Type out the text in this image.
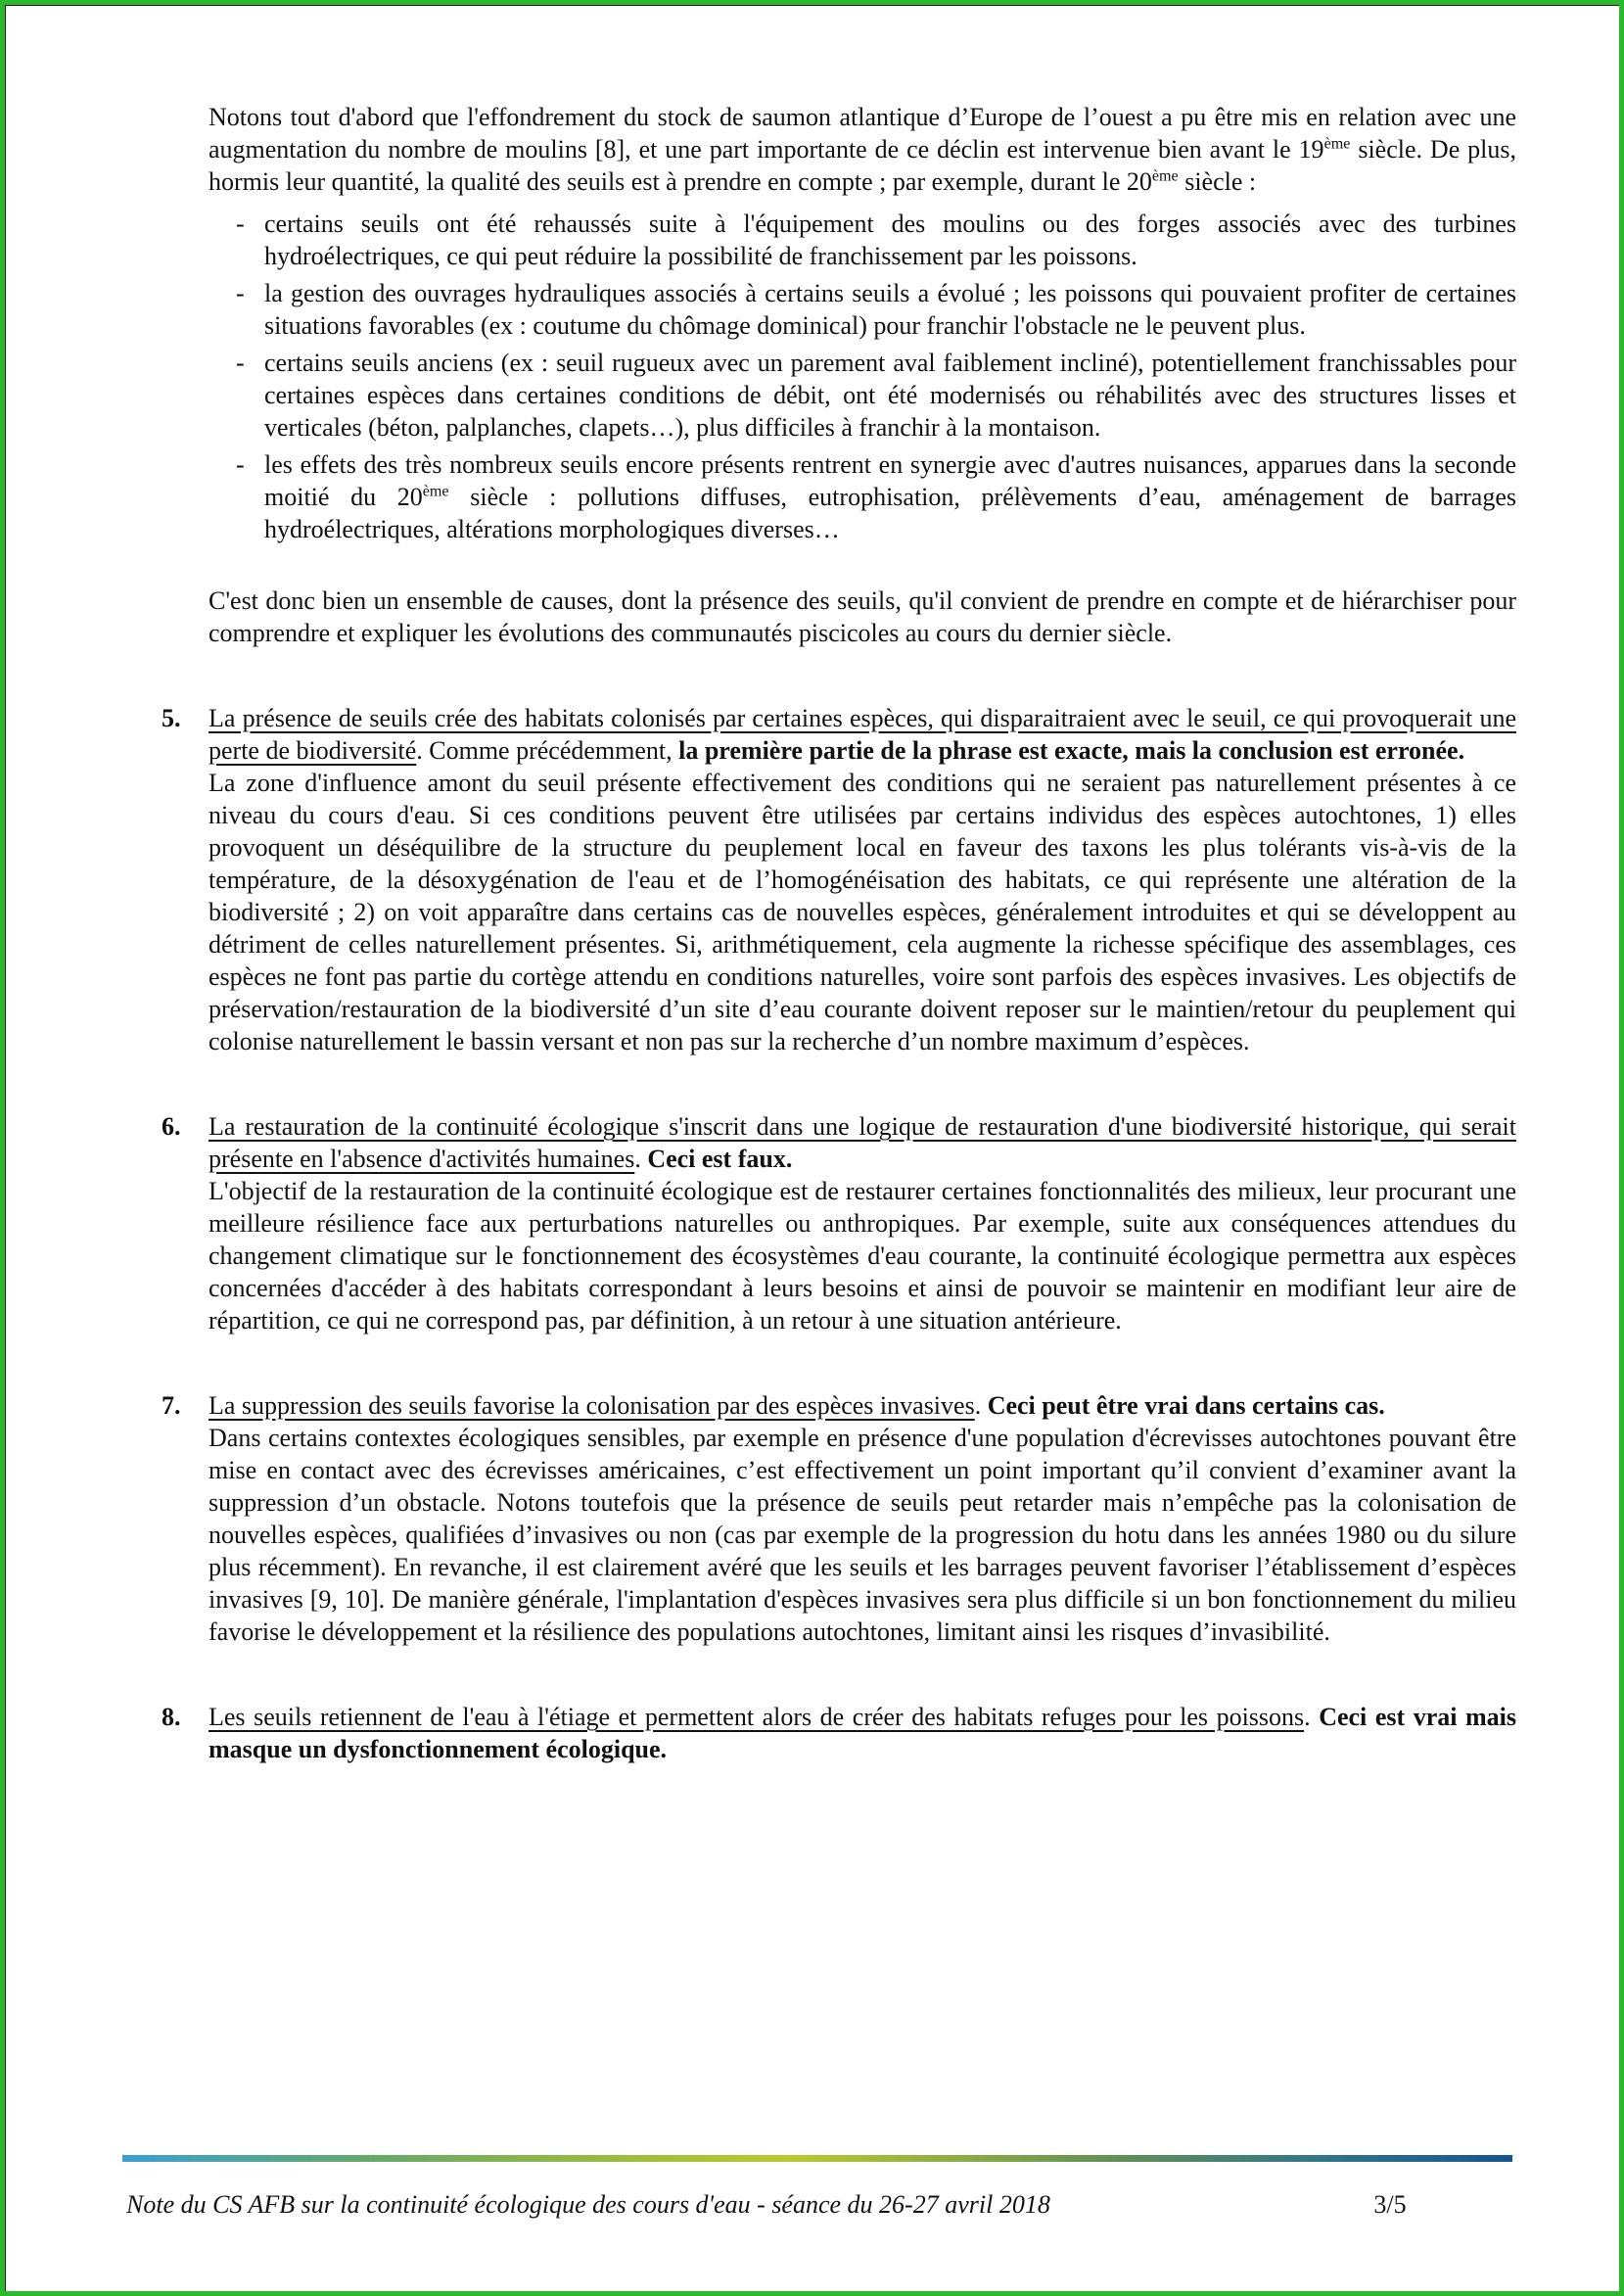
Notons tout d'abord que l'effondrement du stock de saumon atlantique d’Europe de l’ouest a pu être mis en relation avec une augmentation du nombre de moulins [8], et une part importante de ce déclin est intervenue bien avant le 19ème siècle. De plus, hormis leur quantité, la qualité des seuils est à prendre en compte ; par exemple, durant le 20ème siècle :

- certains seuils ont été rehaussés suite à l'équipement des moulins ou des forges associés avec des turbines hydroélectriques, ce qui peut réduire la possibilité de franchissement par les poissons.
- la gestion des ouvrages hydrauliques associés à certains seuils a évolué ; les poissons qui pouvaient profiter de certaines situations favorables (ex : coutume du chômage dominical) pour franchir l'obstacle ne le peuvent plus.
- certains seuils anciens (ex : seuil rugueux avec un parement aval faiblement incliné), potentiellement franchissables pour certaines espèces dans certaines conditions de débit, ont été modernisés ou réhabilités avec des structures lisses et verticales (béton, palplanches, clapets…), plus difficiles à franchir à la montaison.
- les effets des très nombreux seuils encore présents rentrent en synergie avec d'autres nuisances, apparues dans la seconde moitié du 20ème siècle : pollutions diffuses, eutrophisation, prélèvements d’eau, aménagement de barrages hydroélectriques, altérations morphologiques diverses…

C'est donc bien un ensemble de causes, dont la présence des seuils, qu'il convient de prendre en compte et de hiérarchiser pour comprendre et expliquer les évolutions des communautés piscicoles au cours du dernier siècle.

5. La présence de seuils crée des habitats colonisés par certaines espèces, qui disparaitraient avec le seuil, ce qui provoquerait une perte de biodiversité. Comme précédemment, la première partie de la phrase est exacte, mais la conclusion est erronée.

La zone d'influence amont du seuil présente effectivement des conditions qui ne seraient pas naturellement présentes à ce niveau du cours d'eau. Si ces conditions peuvent être utilisées par certains individus des espèces autochtones, 1) elles provoquent un déséquilibre de la structure du peuplement local en faveur des taxons les plus tolérants vis-à-vis de la température, de la désoxygénation de l'eau et de l’homogénéisation des habitats, ce qui représente une altération de la biodiversité ; 2) on voit apparaître dans certains cas de nouvelles espèces, généralement introduites et qui se développent au détriment de celles naturellement présentes. Si, arithmétiquement, cela augmente la richesse spécifique des assemblages, ces espèces ne font pas partie du cortège attendu en conditions naturelles, voire sont parfois des espèces invasives. Les objectifs de préservation/restauration de la biodiversité d’un site d’eau courante doivent reposer sur le maintien/retour du peuplement qui colonise naturellement le bassin versant et non pas sur la recherche d’un nombre maximum d’espèces.

6. La restauration de la continuité écologique s'inscrit dans une logique de restauration d'une biodiversité historique, qui serait présente en l'absence d'activités humaines. Ceci est faux.

L'objectif de la restauration de la continuité écologique est de restaurer certaines fonctionnalités des milieux, leur procurant une meilleure résilience face aux perturbations naturelles ou anthropiques. Par exemple, suite aux conséquences attendues du changement climatique sur le fonctionnement des écosystèmes d'eau courante, la continuité écologique permettra aux espèces concernées d'accéder à des habitats correspondant à leurs besoins et ainsi de pouvoir se maintenir en modifiant leur aire de répartition, ce qui ne correspond pas, par définition, à un retour à une situation antérieure.

7. La suppression des seuils favorise la colonisation par des espèces invasives. Ceci peut être vrai dans certains cas.

Dans certains contextes écologiques sensibles, par exemple en présence d'une population d'écrevisses autochtones pouvant être mise en contact avec des écrevisses américaines, c’est effectivement un point important qu’il convient d’examiner avant la suppression d’un obstacle. Notons toutefois que la présence de seuils peut retarder mais n’empêche pas la colonisation de nouvelles espèces, qualifiées d’invasives ou non (cas par exemple de la progression du hotu dans les années 1980 ou du silure plus récemment). En revanche, il est clairement avéré que les seuils et les barrages peuvent favoriser l’établissement d’espèces invasives [9, 10]. De manière générale, l'implantation d'espèces invasives sera plus difficile si un bon fonctionnement du milieu favorise le développement et la résilience des populations autochtones, limitant ainsi les risques d’invasibilité.

8. Les seuils retiennent de l'eau à l'étiage et permettent alors de créer des habitats refuges pour les poissons. Ceci est vrai mais masque un dysfonctionnement écologique.

Note du CS AFB sur la continuité écologique des cours d'eau - séance du 26-27 avril 2018	3/5
